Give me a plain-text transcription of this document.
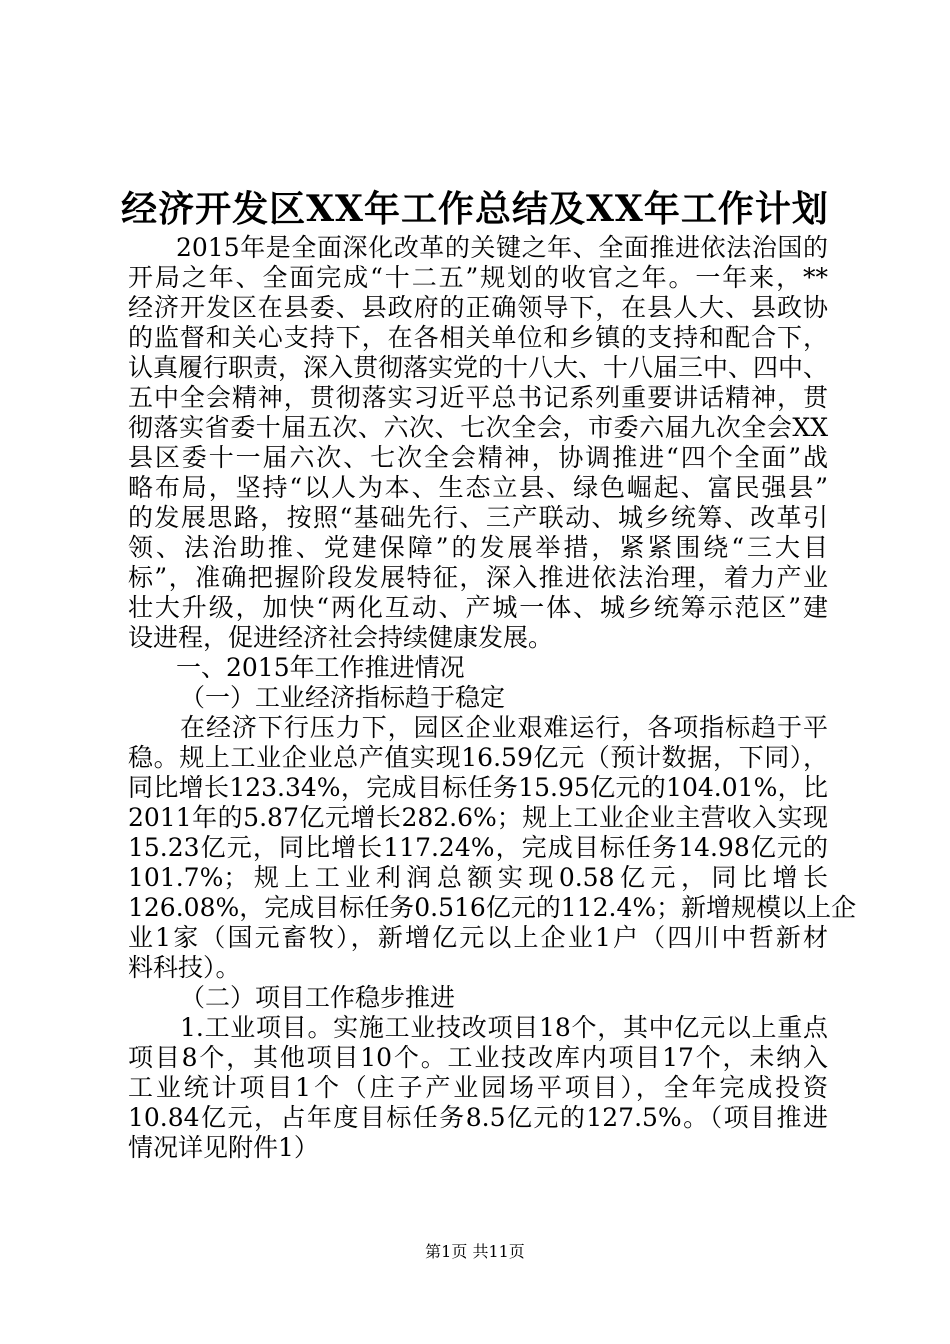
经济开发区XX年工作总结及XX年工作计划
2015年是全面深化改革的关键之年、全面推进依法治国的
开局之年、全面完成“十二五”规划的收官之年。一年来，**
经济开发区在县委、县政府的正确领导下，在县人大、县政协
的监督和关心支持下，在各相关单位和乡镇的支持和配合下，
认真履行职责，深入贯彻落实党的十八大、十八届三中、四中、
五中全会精神，贯彻落实习近平总书记系列重要讲话精神，贯
彻落实省委十届五次、六次、七次全会，市委六届九次全会XX
县区委十一届六次、七次全会精神，协调推进“四个全面”战
略布局，坚持“以人为本、生态立县、绿色崛起、富民强县”
的发展思路，按照“基础先行、三产联动、城乡统筹、改革引
领、法治助推、党建保障”的发展举措，紧紧围绕“三大目
标”，准确把握阶段发展特征，深入推进依法治理，着力产业
壮大升级，加快“两化互动、产城一体、城乡统筹示范区”建
设进程，促进经济社会持续健康发展。
一、2015年工作推进情况
（一）工业经济指标趋于稳定
在经济下行压力下，园区企业艰难运行，各项指标趋于平
稳。规上工业企业总产值实现16.59亿元（预计数据，下同），
同比增长123.34%，完成目标任务15.95亿元的104.01%，比
2011年的5.87亿元增长282.6%；规上工业企业主营收入实现
15.23亿元，同比增长117.24%，完成目标任务14.98亿元的
101.7%；规上工业利润总额实现0.58亿元，同比增长
126.08%，完成目标任务0.516亿元的112.4%；新增规模以上企
业1家（国元畜牧），新增亿元以上企业1户（四川中哲新材
料科技）。
（二）项目工作稳步推进
1.工业项目。实施工业技改项目18个，其中亿元以上重点
项目8个，其他项目10个。工业技改库内项目17个，未纳入
工业统计项目1个（庄子产业园场平项目），全年完成投资
10.84亿元，占年度目标任务8.5亿元的127.5%。（项目推进
情况详见附件1）
第1页 共11页
